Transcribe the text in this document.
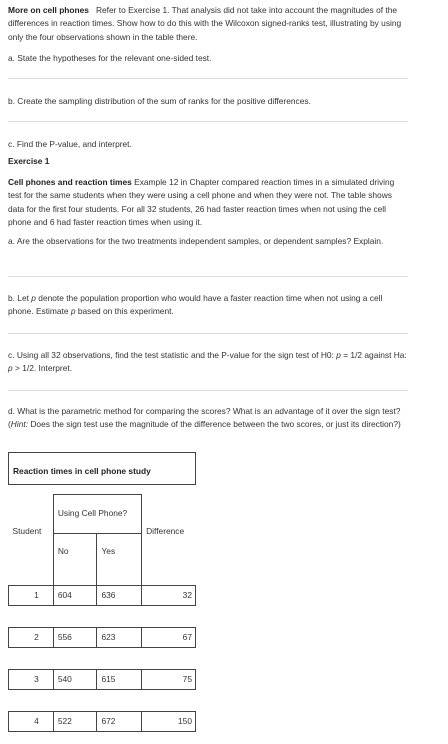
More on cell phones Refer to Exercise 1. That analysis did not take into account the magnitudes of the differences in reaction times. Show how to do this with the Wilcoxon signed-ranks test, illustrating by using only the four observations shown in the table there.

a. State the hypotheses for the relevant one-sided test.

b. Create the sampling distribution of the sum of ranks for the positive differences.

c. Find the P-value, and interpret.

Exercise 1

Cell phones and reaction times Example 12 in Chapter compared reaction times in a simulated driving test for the same students when they were using a cell phone and when they were not. The table shows data for the first four students. For all 32 students, 26 had faster reaction times when not using the cell phone and 6 had faster reaction times when using it.

a. Are the observations for the two treatments independent samples, or dependent samples? Explain.

b. Let p denote the population proportion who would have a faster reaction time when not using a cell phone. Estimate p based on this experiment.

c. Using all 32 observations, find the test statistic and the P-value for the sign test of H0: p = 1/2 against Ha: p > 1/2. Interpret.

d. What is the parametric method for comparing the scores? What is an advantage of it over the sign test? (Hint: Does the sign test use the magnitude of the difference between the two scores, or just its direction?)

Reaction times in cell phone study
Student	Using Cell Phone?		Difference
	No	Yes	

1	604	636	32

2	556	623	67

3	540	615	75

4	522	672	150
